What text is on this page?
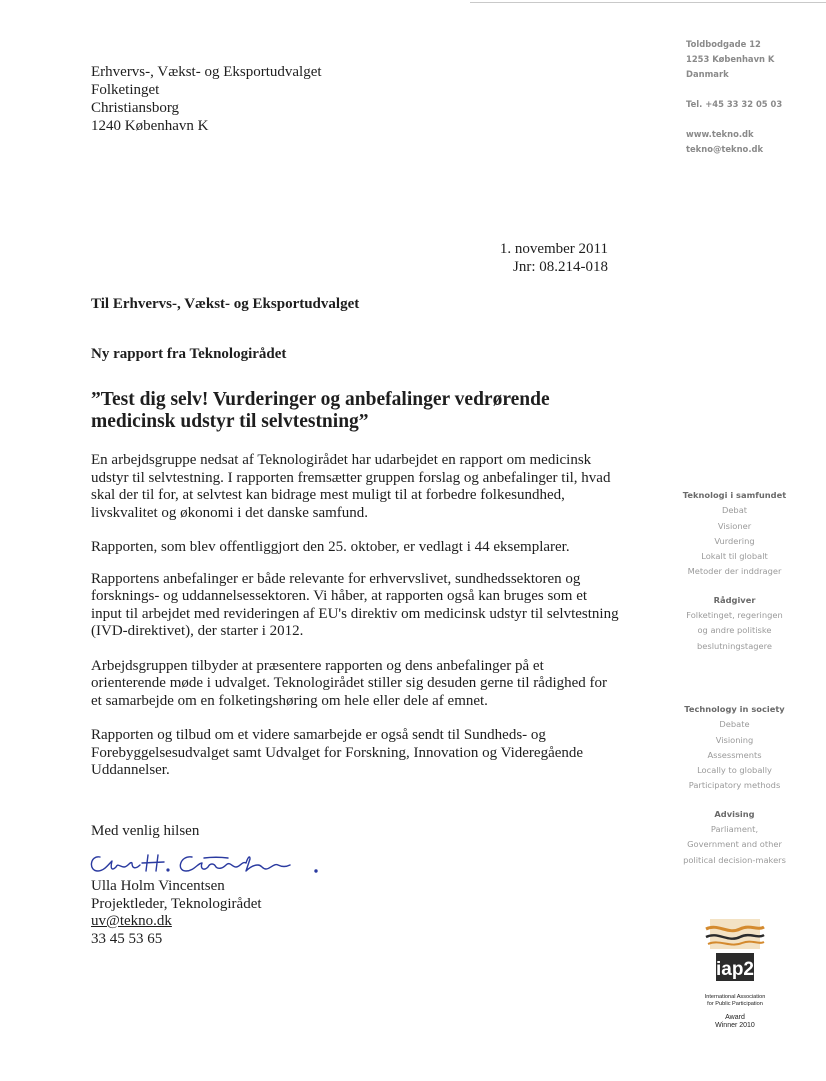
Erhvervs-, Vækst- og Eksportudvalget
Folketinget
Christiansborg
1240 København K
Toldbodgade 12
1253 København K
Danmark
Tel. +45 33 32 05 03
www.tekno.dk
tekno@tekno.dk
1. november 2011
Jnr: 08.214-018
Til Erhvervs-, Vækst- og Eksportudvalget
Ny rapport fra Teknologirådet
”Test dig selv! Vurderinger og anbefalinger vedrørende medicinsk udstyr til selvtestning”

En arbejdsgruppe nedsat af Teknologirådet har udarbejdet en rapport om medicinsk udstyr til selvtestning. I rapporten fremsætter gruppen forslag og anbefalinger til, hvad skal der til for, at selvtest kan bidrage mest muligt til at forbedre folkesundhed, livskvalitet og økonomi i det danske samfund.

Rapporten, som blev offentliggjort den 25. oktober, er vedlagt i 44 eksemplarer.

Rapportens anbefalinger er både relevante for erhvervslivet, sundhedssektoren og forsknings- og uddannelsessektoren. Vi håber, at rapporten også kan bruges som et input til arbejdet med revideringen af EU's direktiv om medicinsk udstyr til selvtestning (IVD-direktivet), der starter i 2012.

Arbejdsgruppen tilbyder at præsentere rapporten og dens anbefalinger på et orienterende møde i udvalget. Teknologirådet stiller sig desuden gerne til rådighed for et samarbejde om en folketingshøring om hele eller dele af emnet.

Rapporten og tilbud om et videre samarbejde er også sendt til Sundheds- og Forebyggelsesudvalget samt Udvalget for Forskning, Innovation og Videregående Uddannelser.

Med venlig hilsen
Ulla Holm Vincentsen
Projektleder, Teknologirådet
uv@tekno.dk
33 45 53 65
Teknologi i samfundet
Debat
Visioner
Vurdering
Lokalt til globalt
Metoder der inddrager
Rådgiver
Folketinget, regeringen
og andre politiske
beslutningstagere
Technology in society
Debate
Visioning
Assessments
Locally to globally
Participatory methods
Advising
Parliament,
Government and other
political decision-makers
iap2
International Association
for Public Participation
Award
Winner 2010
